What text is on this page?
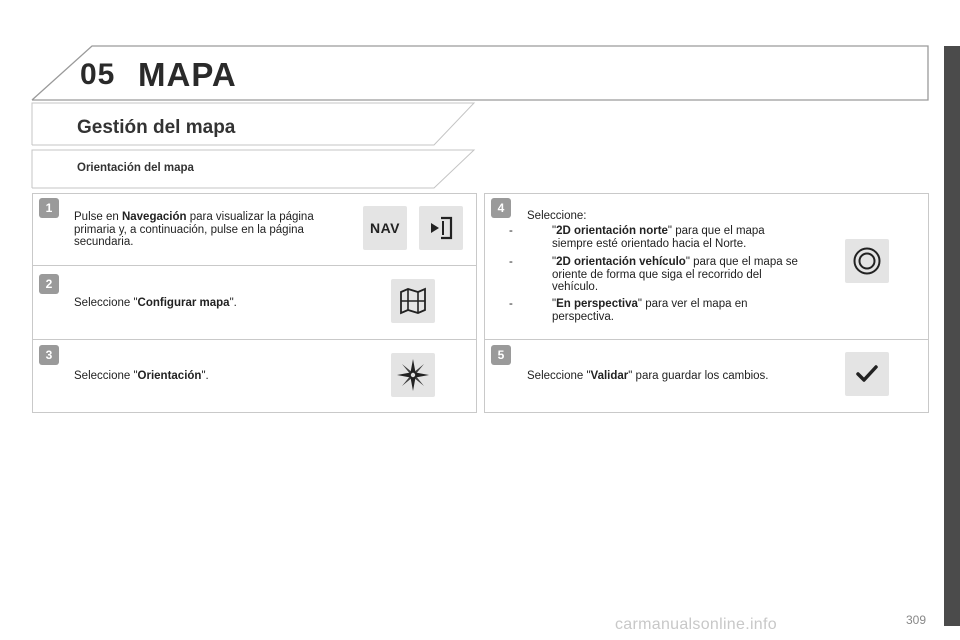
05 MAPA
Gestión del mapa
Orientación del mapa
1
Pulse en Navegación para visualizar la página primaria y, a continuación, pulse en la página secundaria.
NAV
2
Seleccione "Configurar mapa".
3
Seleccione "Orientación".
4
Seleccione:
-	"2D orientación norte" para que el mapa siempre esté orientado hacia el Norte.
-	"2D orientación vehículo" para que el mapa se oriente de forma que siga el recorrido del vehículo.
-	"En perspectiva" para ver el mapa en perspectiva.
5
Seleccione "Validar" para guardar los cambios.
carmanualsonline.info	309
